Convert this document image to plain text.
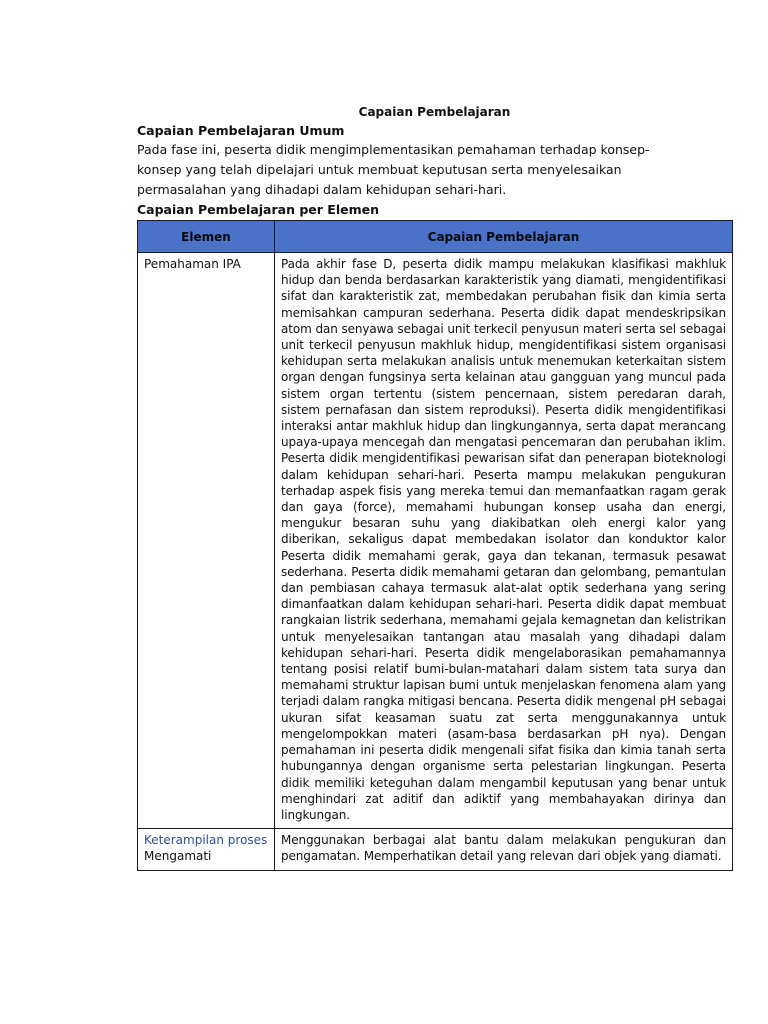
Capaian Pembelajaran

Capaian Pembelajaran Umum

Pada fase ini, peserta didik mengimplementasikan pemahaman terhadap konsep-konsep yang telah dipelajari untuk membuat keputusan serta menyelesaikan permasalahan yang dihadapi dalam kehidupan sehari-hari.

Capaian Pembelajaran per Elemen

Elemen	Capaian Pembelajaran
Pemahaman IPA	Pada akhir fase D, peserta didik mampu melakukan klasifikasi makhluk hidup dan benda berdasarkan karakteristik yang diamati, mengidentifikasi sifat dan karakteristik zat, membedakan perubahan fisik dan kimia serta memisahkan campuran sederhana. Peserta didik dapat mendeskripsikan atom dan senyawa sebagai unit terkecil penyusun materi serta sel sebagai unit terkecil penyusun makhluk hidup, mengidentifikasi sistem organisasi kehidupan serta melakukan analisis untuk menemukan keterkaitan sistem organ dengan fungsinya serta kelainan atau gangguan yang muncul pada sistem organ tertentu (sistem pencernaan, sistem peredaran darah, sistem pernafasan dan sistem reproduksi). Peserta didik mengidentifikasi interaksi antar makhluk hidup dan lingkungannya, serta dapat merancang upaya-upaya mencegah dan mengatasi pencemaran dan perubahan iklim. Peserta didik mengidentifikasi pewarisan sifat dan penerapan bioteknologi dalam kehidupan sehari-hari. Peserta mampu melakukan pengukuran terhadap aspek fisis yang mereka temui dan memanfaatkan ragam gerak dan gaya (force), memahami hubungan konsep usaha dan energi, mengukur besaran suhu yang diakibatkan oleh energi kalor yang diberikan, sekaligus dapat membedakan isolator dan konduktor kalor Peserta didik memahami gerak, gaya dan tekanan, termasuk pesawat sederhana. Peserta didik memahami getaran dan gelombang, pemantulan dan pembiasan cahaya termasuk alat-alat optik sederhana yang sering dimanfaatkan dalam kehidupan sehari-hari. Peserta didik dapat membuat rangkaian listrik sederhana, memahami gejala kemagnetan dan kelistrikan untuk menyelesaikan tantangan atau masalah yang dihadapi dalam kehidupan sehari-hari. Peserta didik mengelaborasikan pemahamannya tentang posisi relatif bumi-bulan-matahari dalam sistem tata surya dan memahami struktur lapisan bumi untuk menjelaskan fenomena alam yang terjadi dalam rangka mitigasi bencana. Peserta didik mengenal pH sebagai ukuran sifat keasaman suatu zat serta menggunakannya untuk mengelompokkan materi (asam-basa berdasarkan pH nya). Dengan pemahaman ini peserta didik mengenali sifat fisika dan kimia tanah serta hubungannya dengan organisme serta pelestarian lingkungan. Peserta didik memiliki keteguhan dalam mengambil keputusan yang benar untuk menghindari zat aditif dan adiktif yang membahayakan dirinya dan lingkungan.

Keterampilan proses
Mengamati	Menggunakan berbagai alat bantu dalam melakukan pengukuran dan pengamatan. Memperhatikan detail yang relevan dari objek yang diamati.
